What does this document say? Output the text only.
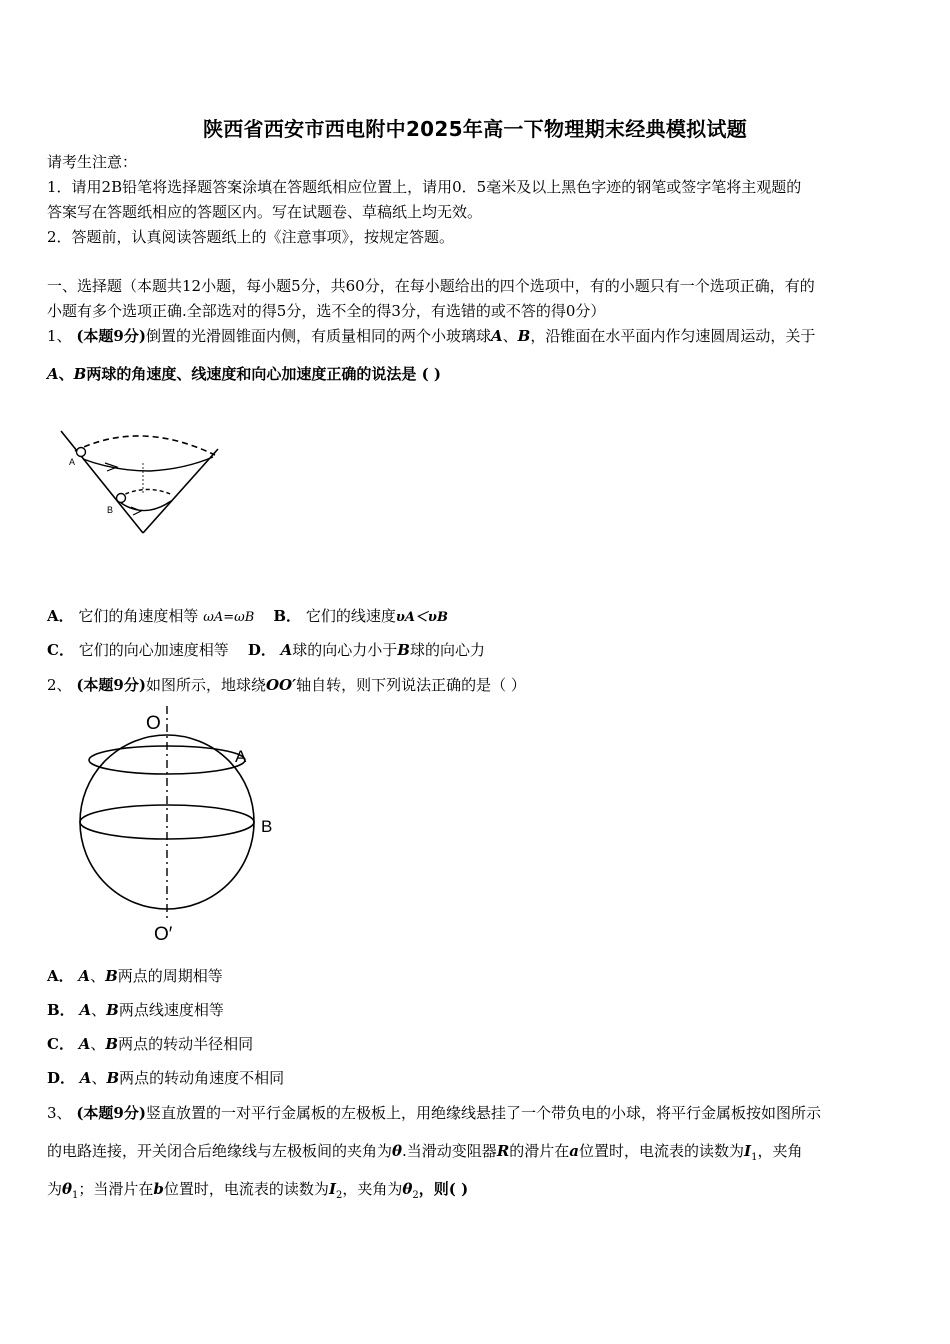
陕西省西安市西电附中2025年高一下物理期末经典模拟试题
请考生注意：
1．请用2B铅笔将选择题答案涂填在答题纸相应位置上，请用0．5毫米及以上黑色字迹的钢笔或签字笔将主观题的
答案写在答题纸相应的答题区内。写在试题卷、草稿纸上均无效。
2．答题前，认真阅读答题纸上的《注意事项》，按规定答题。
一、选择题（本题共12小题，每小题5分，共60分，在每小题给出的四个选项中，有的小题只有一个选项正确，有的
小题有多个选项正确.全部选对的得5分，选不全的得3分，有选错的或不答的得0分）
1、 (本题9分)倒置的光滑圆锥面内侧，有质量相同的两个小玻璃球A、B，沿锥面在水平面内作匀速圆周运动，关于
A、B两球的角速度、线速度和向心加速度正确的说法是 ( )
A
B
A． 它们的角速度相等 ωA=ωB B． 它们的线速度υA＜υB
C． 它们的向心加速度相等 D． A球的向心力小于B球的向心力
2、 (本题9分)如图所示，地球绕OO′轴自转，则下列说法正确的是（ ）
O
O′
A
B
A． A、B两点的周期相等
B． A、B两点线速度相等
C． A、B两点的转动半径相同
D． A、B两点的转动角速度不相同
3、 (本题9分)竖直放置的一对平行金属板的左极板上，用绝缘线悬挂了一个带负电的小球，将平行金属板按如图所示
的电路连接，开关闭合后绝缘线与左极板间的夹角为θ.当滑动变阻器R的滑片在a位置时，电流表的读数为$I_1$，夹角
为$\theta_1$；当滑片在b位置时，电流表的读数为$I_2$，夹角为$\theta_2$，则( )
